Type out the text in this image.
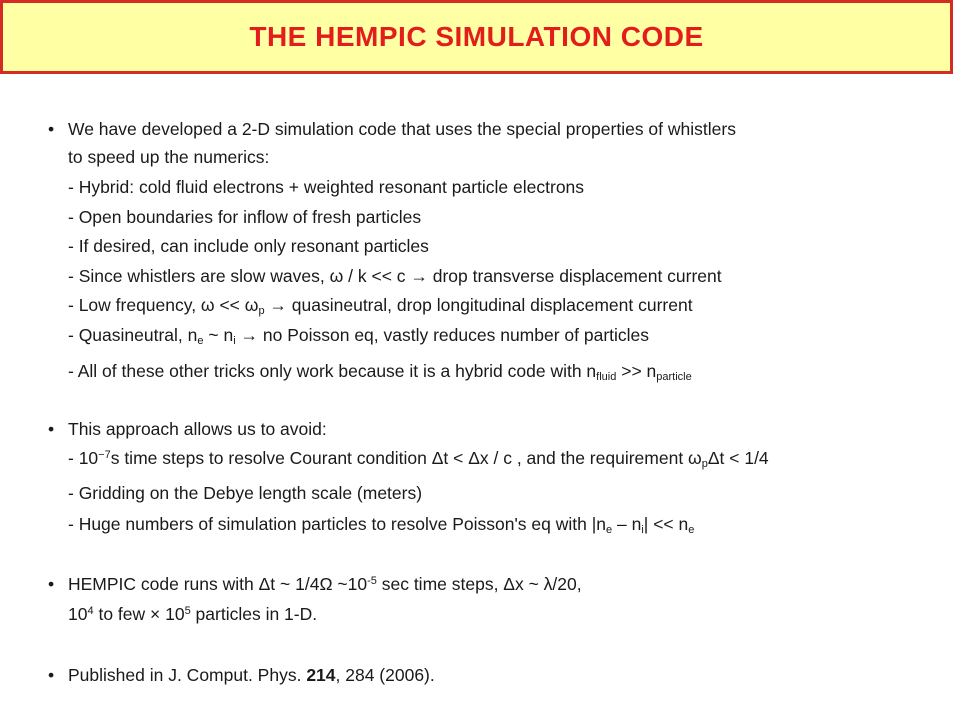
THE HEMPIC SIMULATION CODE
• We have developed a 2-D simulation code that uses the special properties of whistlers
to speed up the numerics:
- Hybrid: cold fluid electrons + weighted resonant particle electrons
- Open boundaries for inflow of fresh particles
- If desired, can include only resonant particles
- Since whistlers are slow waves, ω / k << c → drop transverse displacement current
- Low frequency, $\omega << \omega_p$ → quasineutral, drop longitudinal displacement current
- Quasineutral, $n_e$ ~ $n_i$ → no Poisson eq, vastly reduces number of particles
- All of these other tricks only work because it is a hybrid code with $n_{fluid} >> n_{particle}$
• This approach allows us to avoid:
- $10^{-7}s$ time steps to resolve Courant condition Δt < Δx / c , and the requirement $\omega_p\Delta t < 1/4$
- Gridding on the Debye length scale (meters)
- Huge numbers of simulation particles to resolve Poisson's eq with $|n_e - n_i| << n_e$
• HEMPIC code runs with Δt ~ 1/4Ω $\sim 10^{-5}$ sec time steps, Δx ~ λ/20,
$10^4$ to few × $10^5$ particles in 1-D.
• Published in J. Comput. Phys. 214, 284 (2006).
